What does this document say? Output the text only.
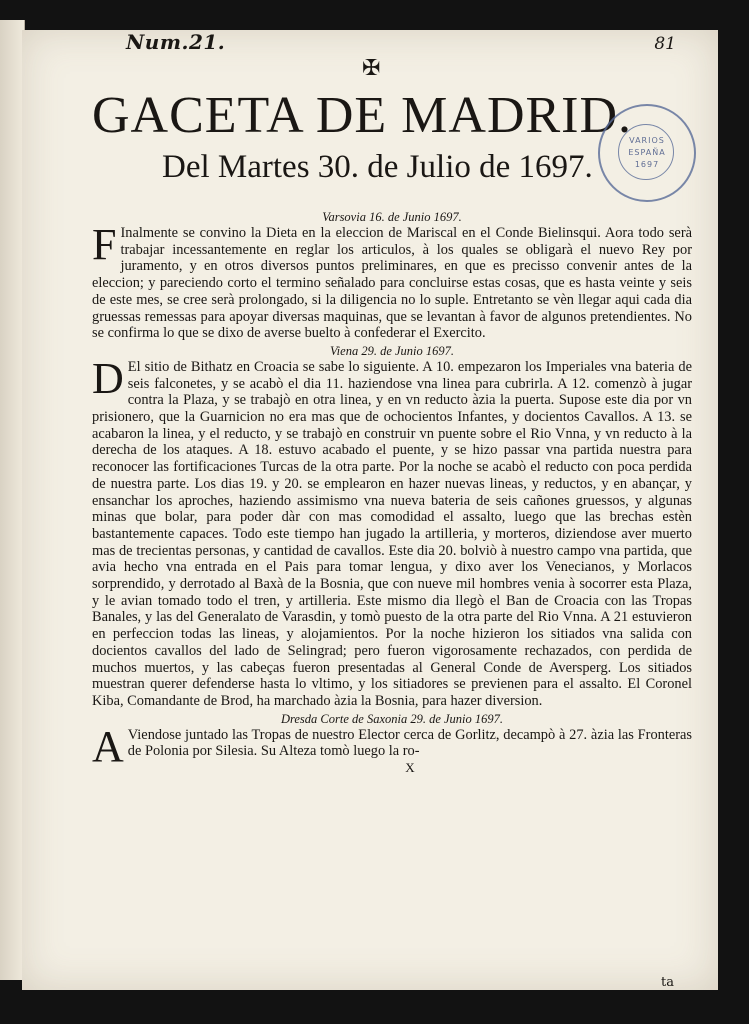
Num.21.	81
✠
GACETA DE MADRID.
Del Martes 30. de Julio de 1697.
VARIOS
ESPAÑA
1697

Varsovia 16. de Junio 1697.

F Inalmente se convino la Dieta en la eleccion de Mariscal en el Conde Bielinsqui. Aora todo serà trabajar incessantemente en reglar los articulos, à los quales se obligarà el nuevo Rey por juramento, y en otros diversos puntos preliminares, en que es precisso convenir antes de la eleccion; y pareciendo corto el termino señalado para concluirse estas cosas, que es hasta veinte y seis de este mes, se cree serà prolongado, si la diligencia no lo suple. Entretanto se vèn llegar aqui cada dia gruessas remessas para apoyar diversas maquinas, que se levantan à favor de algunos pretendientes. No se confirma lo que se dixo de averse buelto à confederar el Exercito.

Viena 29. de Junio 1697.

D El sitio de Bithatz en Croacia se sabe lo siguiente. A 10. empezaron los Imperiales vna bateria de seis falconetes, y se acabò el dia 11. haziendose vna linea para cubrirla. A 12. comenzò à jugar contra la Plaza, y se trabajò en otra linea, y en vn reducto àzia la puerta. Supose este dia por vn prisionero, que la Guarnicion no era mas que de ochocientos Infantes, y docientos Cavallos. A 13. se acabaron la linea, y el reducto, y se trabajò en construir vn puente sobre el Rio Vnna, y vn reducto à la derecha de los ataques. A 18. estuvo acabado el puente, y se hizo passar vna partida nuestra para reconocer las fortificaciones Turcas de la otra parte. Por la noche se acabò el reducto con poca perdida de nuestra parte. Los dias 19. y 20. se emplearon en hazer nuevas lineas, y reductos, y en abançar, y ensanchar los aproches, haziendo assimismo vna nueva bateria de seis cañones gruessos, y algunas minas que bolar, para poder dàr con mas comodidad el assalto, luego que las brechas estèn bastantemente capaces. Todo este tiempo han jugado la artilleria, y morteros, diziendose aver muerto mas de trecientas personas, y cantidad de cavallos. Este dia 20. bolviò à nuestro campo vna partida, que avia hecho vna entrada en el Pais para tomar lengua, y dixo aver los Venecianos, y Morlacos sorprendido, y derrotado al Baxà de la Bosnia, que con nueve mil hombres venia à socorrer esta Plaza, y le avian tomado todo el tren, y artilleria. Este mismo dia llegò el Ban de Croacia con las Tropas Banales, y las del Generalato de Varasdin, y tomò puesto de la otra parte del Rio Vnna. A 21 estuvieron en perfeccion todas las lineas, y alojamientos. Por la noche hizieron los sitiados vna salida con docientos cavallos del lado de Selingrad; pero fueron vigorosamente rechazados, con perdida de muchos muertos, y las cabeças fueron presentadas al General Conde de Aversperg. Los sitiados muestran querer defenderse hasta lo vltimo, y los sitiadores se previenen para el assalto. El Coronel Kiba, Comandante de Brod, ha marchado àzia la Bosnia, para hazer diversion.

Dresda Corte de Saxonia 29. de Junio 1697.

A Viendose juntado las Tropas de nuestro Elector cerca de Gorlitz, decampò à 27. àzia las Fronteras de Polonia por Silesia. Su Alteza tomò luego la ro-

X

ta
